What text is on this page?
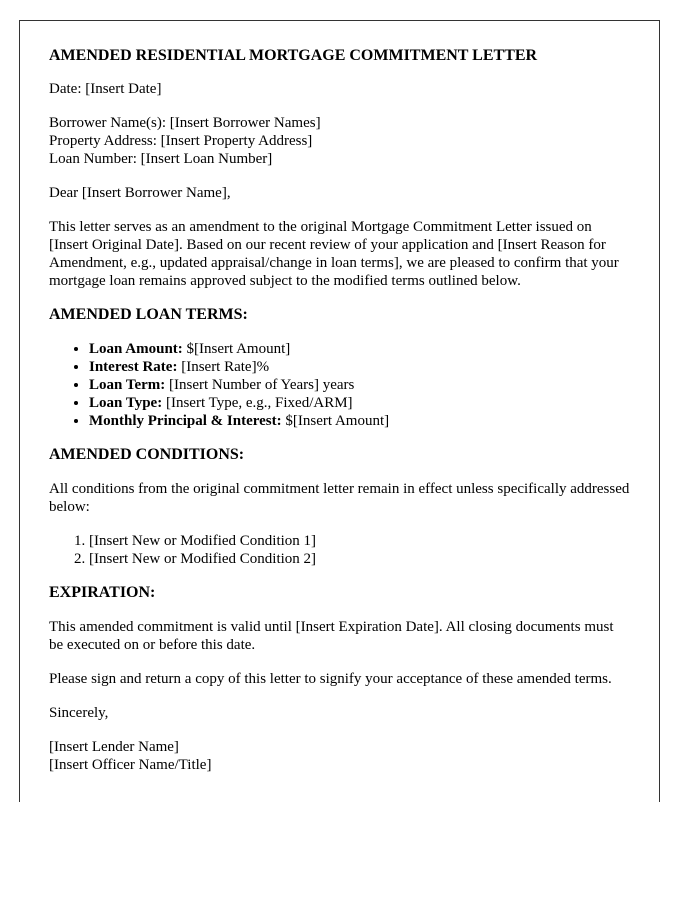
AMENDED RESIDENTIAL MORTGAGE COMMITMENT LETTER

Date: [Insert Date]

Borrower Name(s): [Insert Borrower Names]
Property Address: [Insert Property Address]
Loan Number: [Insert Loan Number]

Dear [Insert Borrower Name],

This letter serves as an amendment to the original Mortgage Commitment Letter issued on [Insert Original Date]. Based on our recent review of your application and [Insert Reason for Amendment, e.g., updated appraisal/change in loan terms], we are pleased to confirm that your mortgage loan remains approved subject to the modified terms outlined below.

AMENDED LOAN TERMS:
• Loan Amount: $[Insert Amount]
• Interest Rate: [Insert Rate]%
• Loan Term: [Insert Number of Years] years
• Loan Type: [Insert Type, e.g., Fixed/ARM]
• Monthly Principal & Interest: $[Insert Amount]
AMENDED CONDITIONS:

All conditions from the original commitment letter remain in effect unless specifically addressed below:

1. [Insert New or Modified Condition 1]
2. [Insert New or Modified Condition 2]
EXPIRATION:

This amended commitment is valid until [Insert Expiration Date]. All closing documents must be executed on or before this date.

Please sign and return a copy of this letter to signify your acceptance of these amended terms.

Sincerely,

[Insert Lender Name]
[Insert Officer Name/Title]
